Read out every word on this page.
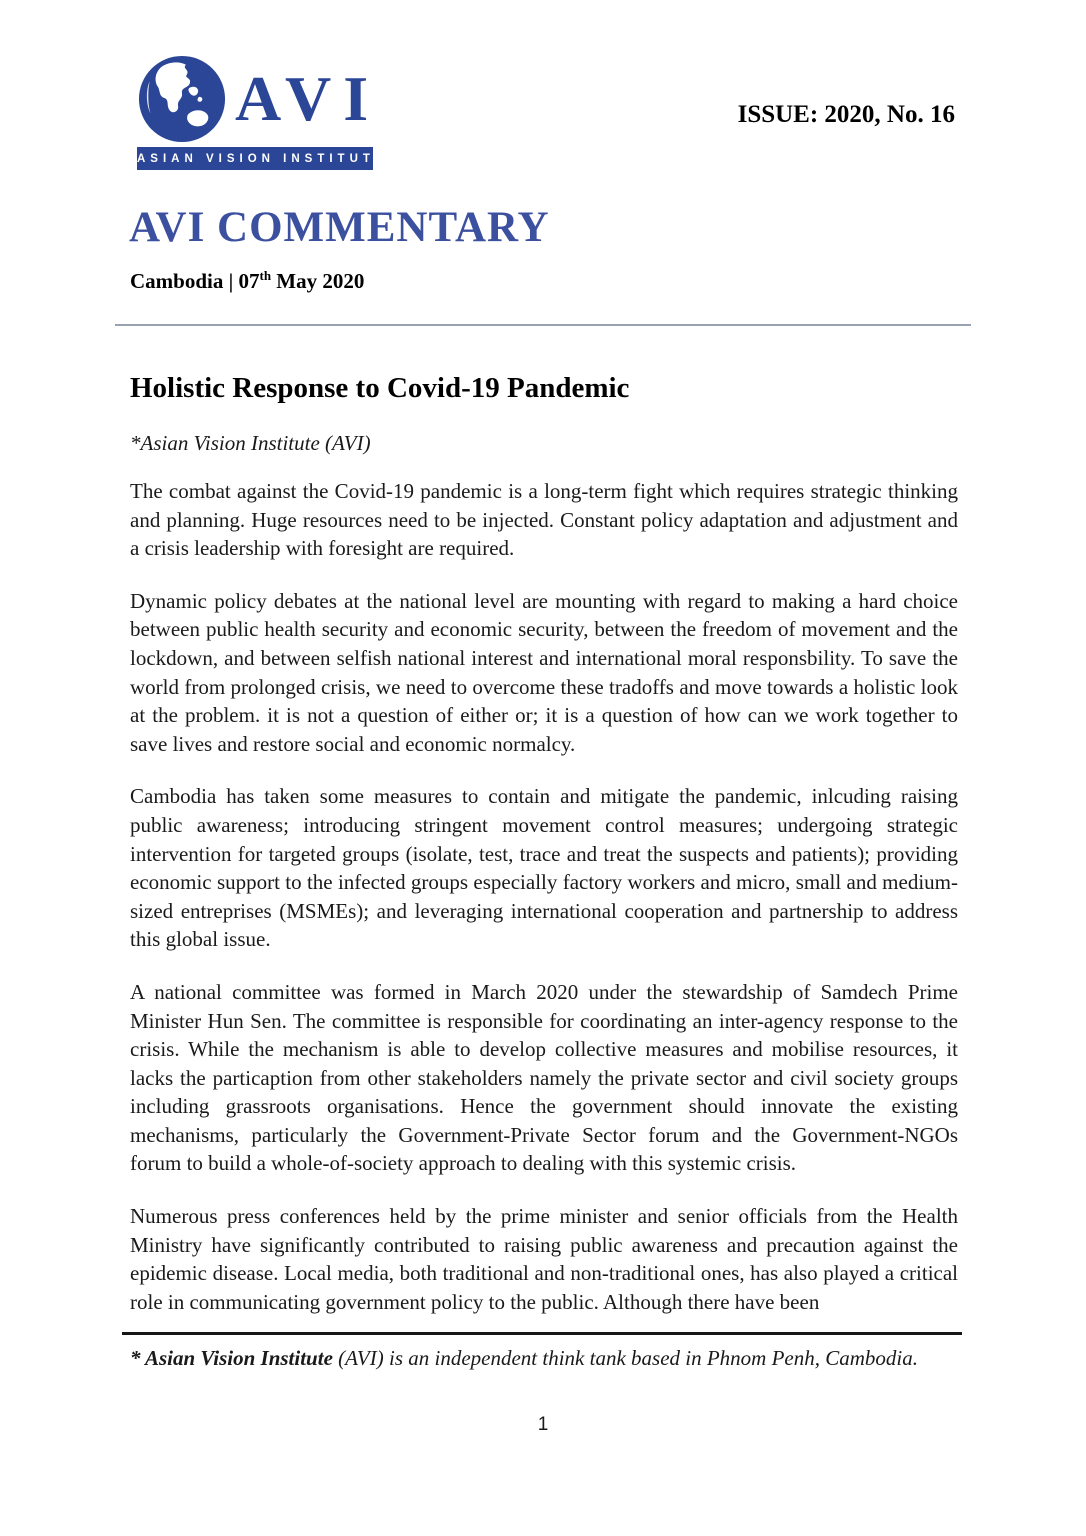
AVI
ASIAN VISION INSTITUTE
ISSUE: 2020, No. 16
AVI COMMENTARY
Cambodia | 07th May 2020
Holistic Response to Covid-19 Pandemic
*Asian Vision Institute (AVI)

The combat against the Covid-19 pandemic is a long-term fight which requires strategic thinking and planning. Huge resources need to be injected. Constant policy adaptation and adjustment and a crisis leadership with foresight are required.

Dynamic policy debates at the national level are mounting with regard to making a hard choice between public health security and economic security, between the freedom of movement and the lockdown, and between selfish national interest and international moral responsbility. To save the world from prolonged crisis, we need to overcome these tradoffs and move towards a holistic look at the problem. it is not a question of either or; it is a question of how can we work together to save lives and restore social and economic normalcy.

Cambodia has taken some measures to contain and mitigate the pandemic, inlcuding raising public awareness; introducing stringent movement control measures; undergoing strategic intervention for targeted groups (isolate, test, trace and treat the suspects and patients); providing economic support to the infected groups especially factory workers and micro, small and medium-sized entreprises (MSMEs); and leveraging international cooperation and partnership to address this global issue.

A national committee was formed in March 2020 under the stewardship of Samdech Prime Minister Hun Sen. The committee is responsible for coordinating an inter-agency response to the crisis. While the mechanism is able to develop collective measures and mobilise resources, it lacks the particaption from other stakeholders namely the private sector and civil society groups including grassroots organisations. Hence the government should innovate the existing mechanisms, particularly the Government-Private Sector forum and the Government-NGOs forum to build a whole-of-society approach to dealing with this systemic crisis.

Numerous press conferences held by the prime minister and senior officials from the Health Ministry have significantly contributed to raising public awareness and precaution against the epidemic disease. Local media, both traditional and non-traditional ones, has also played a critical role in communicating government policy to the public. Although there have been

* Asian Vision Institute (AVI) is an independent think tank based in Phnom Penh, Cambodia.
1
